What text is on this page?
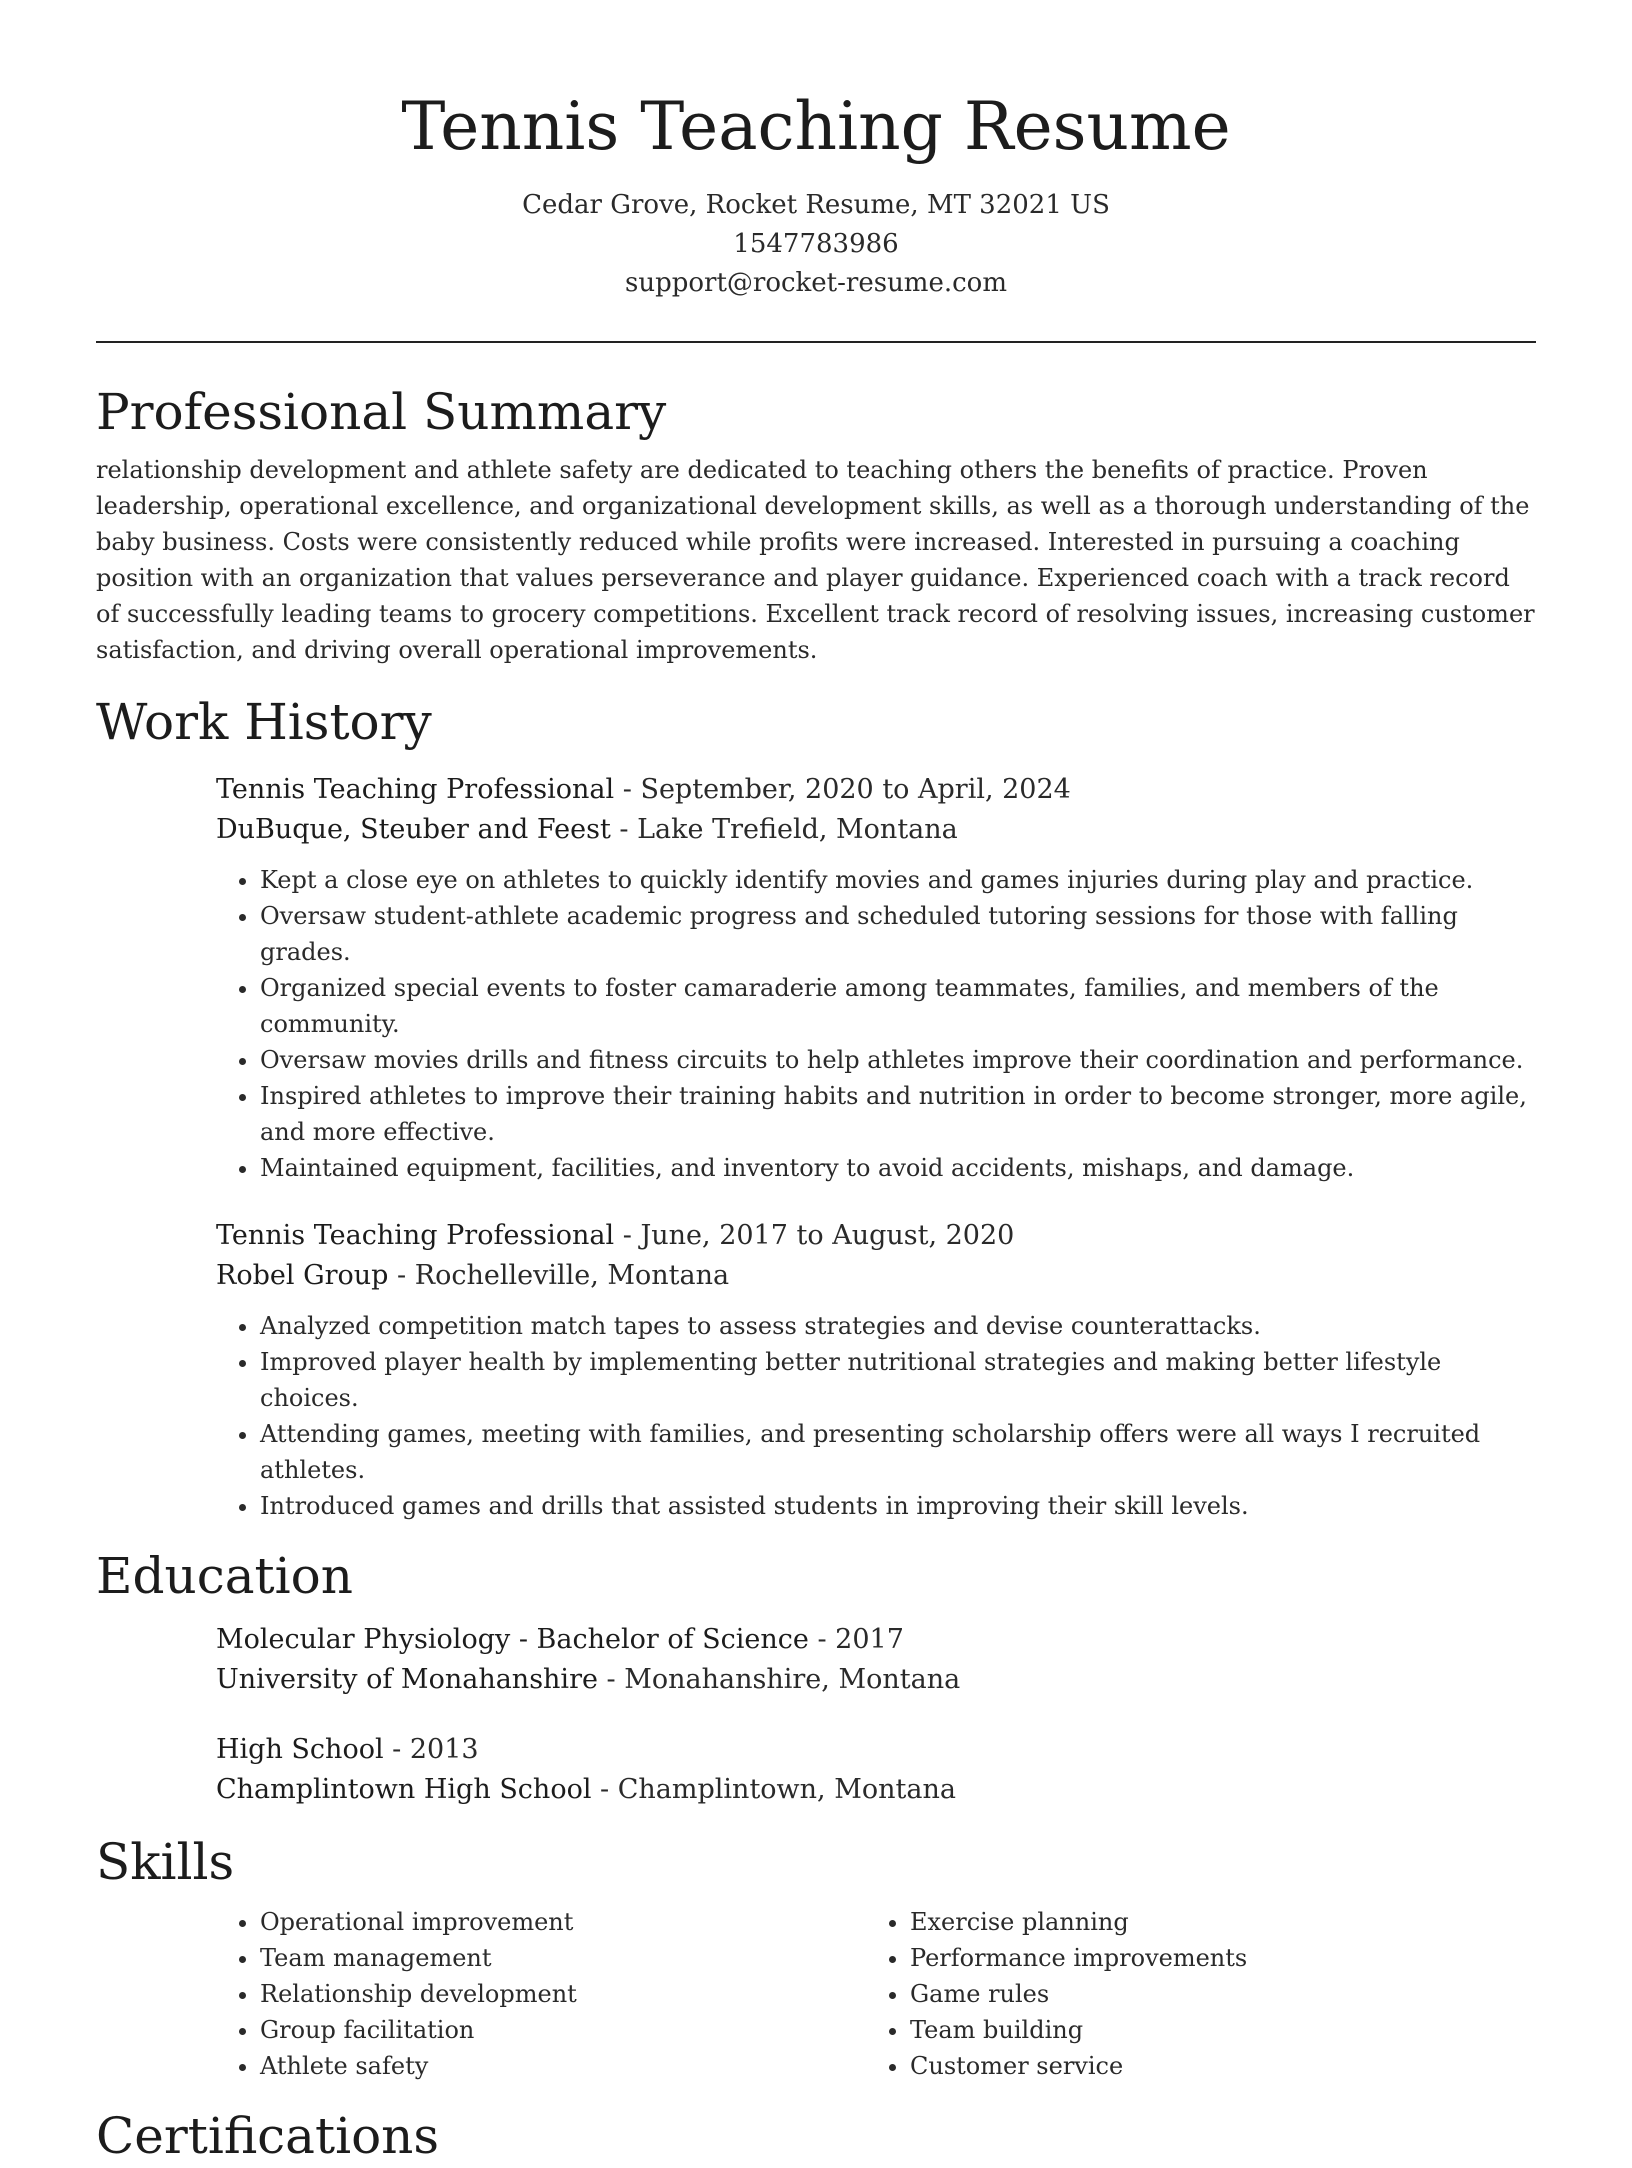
Tennis Teaching Resume
Cedar Grove, Rocket Resume, MT 32021 US
1547783986
support@rocket-resume.com
Professional Summary
relationship development and athlete safety are dedicated to teaching others the benefits of practice. Proven leadership, operational excellence, and organizational development skills, as well as a thorough understanding of the baby business. Costs were consistently reduced while profits were increased. Interested in pursuing a coaching position with an organization that values perseverance and player guidance. Experienced coach with a track record of successfully leading teams to grocery competitions. Excellent track record of resolving issues, increasing customer satisfaction, and driving overall operational improvements.
Work History
Tennis Teaching Professional - September, 2020 to April, 2024
DuBuque, Steuber and Feest - Lake Trefield, Montana
• Kept a close eye on athletes to quickly identify movies and games injuries during play and practice.
• Oversaw student-athlete academic progress and scheduled tutoring sessions for those with falling grades.
• Organized special events to foster camaraderie among teammates, families, and members of the community.
• Oversaw movies drills and fitness circuits to help athletes improve their coordination and performance.
• Inspired athletes to improve their training habits and nutrition in order to become stronger, more agile, and more effective.
• Maintained equipment, facilities, and inventory to avoid accidents, mishaps, and damage.
Tennis Teaching Professional - June, 2017 to August, 2020
Robel Group - Rochelleville, Montana
• Analyzed competition match tapes to assess strategies and devise counterattacks.
• Improved player health by implementing better nutritional strategies and making better lifestyle choices.
• Attending games, meeting with families, and presenting scholarship offers were all ways I recruited athletes.
• Introduced games and drills that assisted students in improving their skill levels.
Education
Molecular Physiology - Bachelor of Science - 2017
University of Monahanshire - Monahanshire, Montana
High School - 2013
Champlintown High School - Champlintown, Montana
Skills
• Operational improvement
• Team management
• Relationship development
• Group facilitation
• Athlete safety
• Exercise planning
• Performance improvements
• Game rules
• Team building
• Customer service
Certifications
